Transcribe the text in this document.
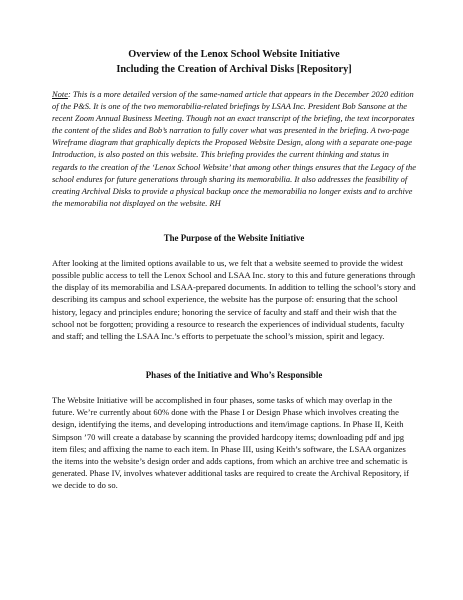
Overview of the Lenox School Website Initiative
Including the Creation of Archival Disks [Repository]

Note: This is a more detailed version of the same-named article that appears in the December 2020 edition of the P&S. It is one of the two memorabilia-related briefings by LSAA Inc. President Bob Sansone at the recent Zoom Annual Business Meeting. Though not an exact transcript of the briefing, the text incorporates the content of the slides and Bob’s narration to fully cover what was presented in the briefing. A two-page Wireframe diagram that graphically depicts the Proposed Website Design, along with a separate one-page Introduction, is also posted on this website. This briefing provides the current thinking and status in regards to the creation of the ‘Lenox School Website’ that among other things ensures that the Legacy of the school endures for future generations through sharing its memorabilia. It also addresses the feasibility of creating Archival Disks to provide a physical backup once the memorabilia no longer exists and to archive the memorabilia not displayed on the website. RH

The Purpose of the Website Initiative

After looking at the limited options available to us, we felt that a website seemed to provide the widest possible public access to tell the Lenox School and LSAA Inc. story to this and future generations through the display of its memorabilia and LSAA-prepared documents. In addition to telling the school’s story and describing its campus and school experience, the website has the purpose of: ensuring that the school history, legacy and principles endure; honoring the service of faculty and staff and their wish that the school not be forgotten; providing a resource to research the experiences of individual students, faculty and staff; and telling the LSAA Inc.’s efforts to perpetuate the school’s mission, spirit and legacy.

Phases of the Initiative and Who’s Responsible

The Website Initiative will be accomplished in four phases, some tasks of which may overlap in the future. We’re currently about 60% done with the Phase I or Design Phase which involves creating the design, identifying the items, and developing introductions and item/image captions. In Phase II, Keith Simpson ’70 will create a database by scanning the provided hardcopy items; downloading pdf and jpg item files; and affixing the name to each item. In Phase III, using Keith’s software, the LSAA organizes the items into the website’s design order and adds captions, from which an archive tree and schematic is generated. Phase IV, involves whatever additional tasks are required to create the Archival Repository, if we decide to do so.
